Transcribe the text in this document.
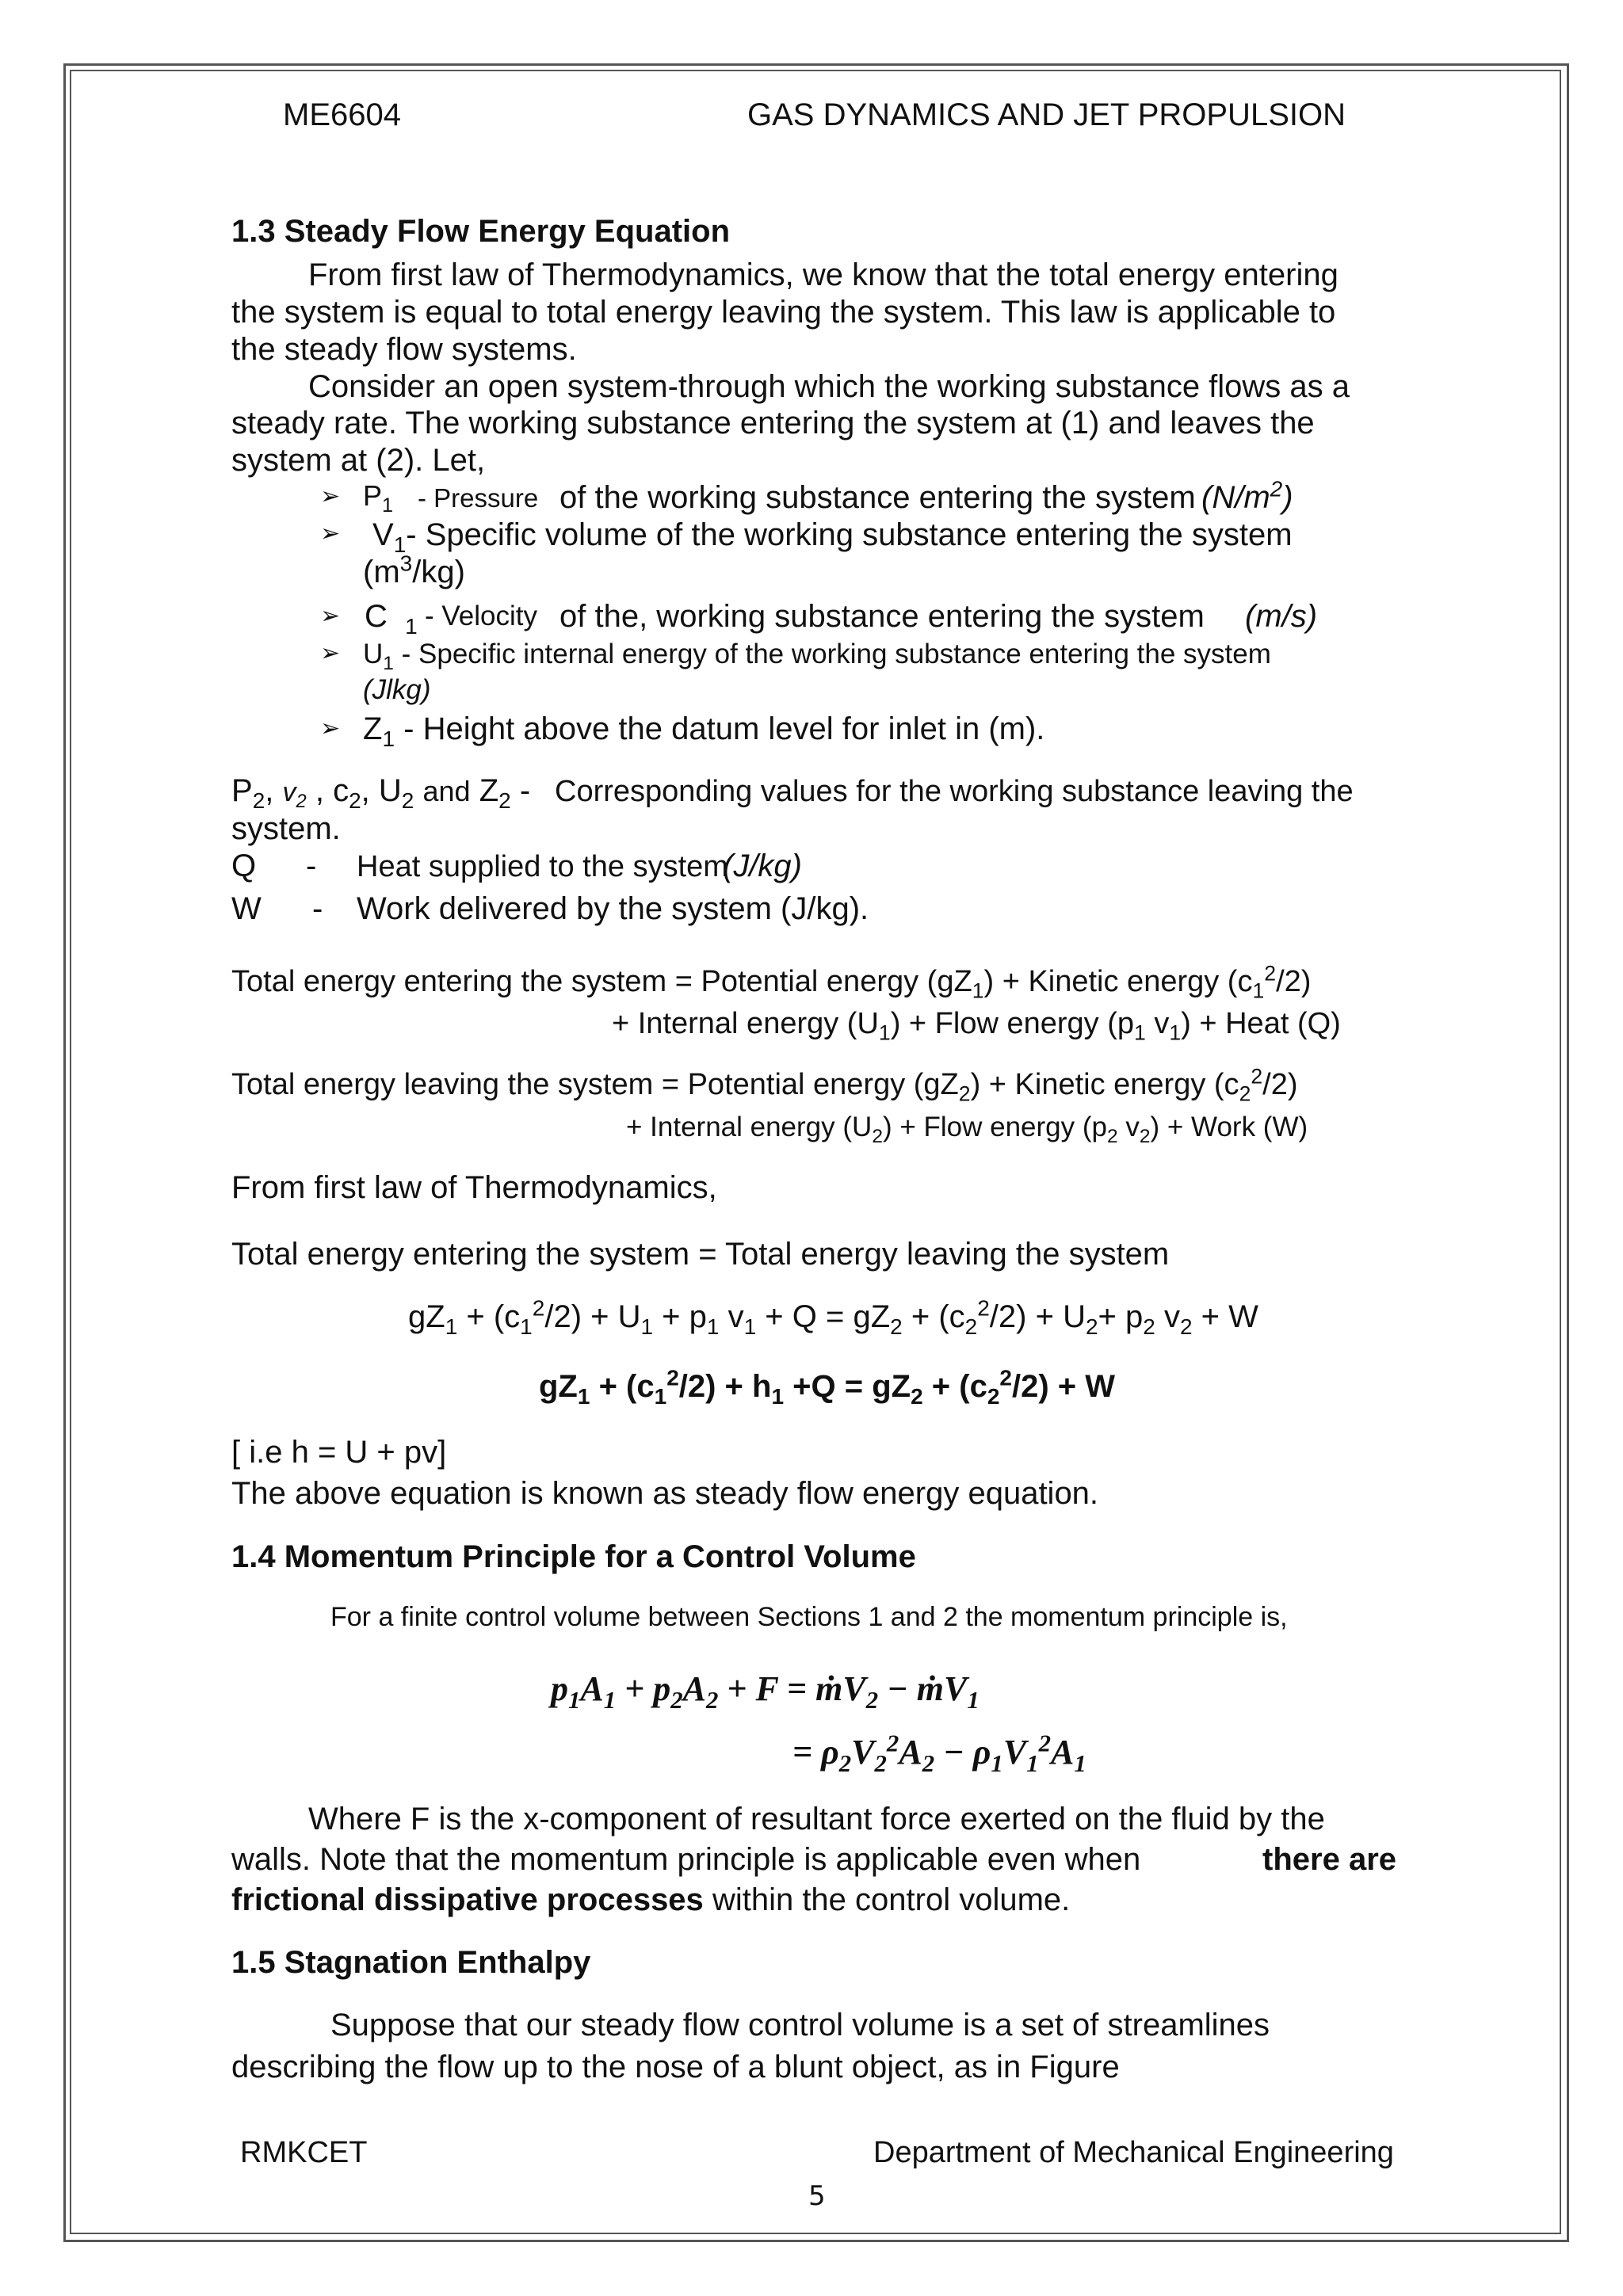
ME6604	GAS DYNAMICS AND JET PROPULSION
1.3 Steady Flow Energy Equation
From first law of Thermodynamics, we know that the total energy entering
the system is equal to total energy leaving the system. This law is applicable to
the steady flow systems.
Consider an open system-through which the working substance flows as a
steady rate. The working substance entering the system at (1) and leaves the
system at (2). Let,
➢ $P_1$ - Pressure of the working substance entering the system $(N/m^2)$
➢ $V_1-$ Specific volume of the working substance entering the system
$(m^3/kg)$
➢ C $_1$ - Velocity of the, working substance entering the system (m/s)
➢ $U_1$ - Specific internal energy of the working substance entering the system
(Jlkg)
➢ $Z_1$ - Height above the datum level for inlet in (m).
$P_2$, $v_2$ , $c_2$, $U_2$ and $Z_2$ - Corresponding values for the working substance leaving the
system.
Q - Heat supplied to the system
(J/kg)
W - Work delivered by the system (J/kg).
Total energy entering the system = Potential energy $(gZ_1)$ + Kinetic energy $(c_1^2/2)$
+ Internal energy $(U_1)$ + Flow energy ($p_1$ $v_1$) + Heat (Q)
Total energy leaving the system = Potential energy $(gZ_2)$ + Kinetic energy $(c_2^2/2)$
+ Internal energy $(U_2)$ + Flow energy ($p_2$ $v_2$) + Work (W)
From first law of Thermodynamics,
Total energy entering the system = Total energy leaving the system
$gZ_1 + (c_1^2/2) + U_1 + p_1$ $v_1 + Q = gZ_2 + (c_2^2/2) + U_2+ p_2$ $v_2 + W$
$gZ_1 + (c_1^2/2) + h_1 +Q = gZ_2 + (c_2^2/2) + W$
[ i.e h = U + pv]
The above equation is known as steady flow energy equation.
1.4 Momentum Principle for a Control Volume
For a finite control volume between Sections 1 and 2 the momentum principle is,
$p_1A_1 + p_2A_2 + F$ = ṁV$_2$ − ṁV$_1$
= $\rho_2V_2^2A_2 - \rho_1V_1^2A_1$
Where F is the x-component of resultant force exerted on the fluid by the
walls. Note that the momentum principle is applicable even when	there are
frictional dissipative processes within the control volume.
1.5 Stagnation Enthalpy
Suppose that our steady flow control volume is a set of streamlines
describing the flow up to the nose of a blunt object, as in Figure
RMKCET	Department of Mechanical Engineering
5
